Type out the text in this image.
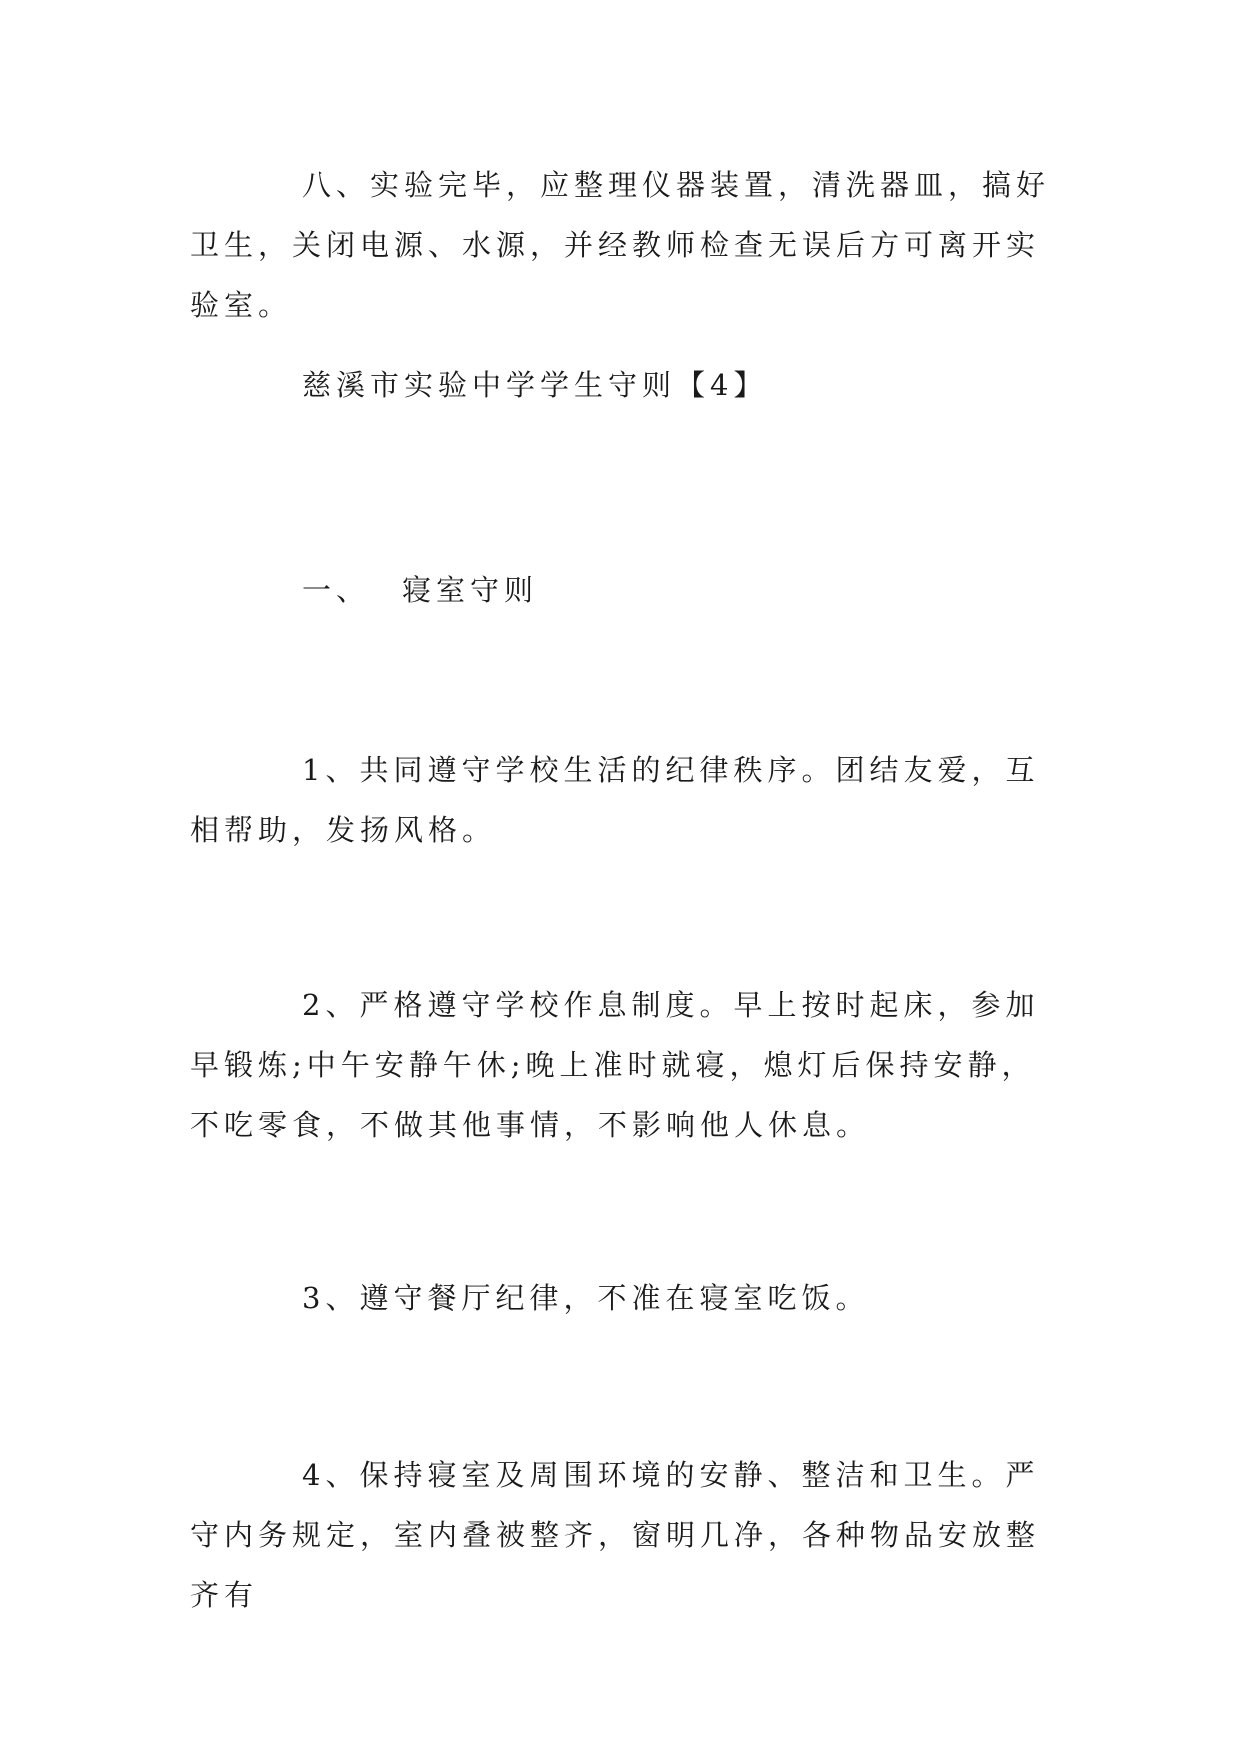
八、实验完毕，应整理仪器装置，清洗器皿，搞好卫生，关闭电源、水源，并经教师检查无误后方可离开实验室。

慈溪市实验中学学生守则【4】

一、 寝室守则

1、共同遵守学校生活的纪律秩序。团结友爱，互相帮助，发扬风格。

2、严格遵守学校作息制度。早上按时起床，参加早锻炼;中午安静午休;晚上准时就寝，熄灯后保持安静，不吃零食，不做其他事情，不影响他人休息。

3、遵守餐厅纪律，不准在寝室吃饭。

4、保持寝室及周围环境的安静、整洁和卫生。严守内务规定，室内叠被整齐，窗明几净，各种物品安放整齐有
